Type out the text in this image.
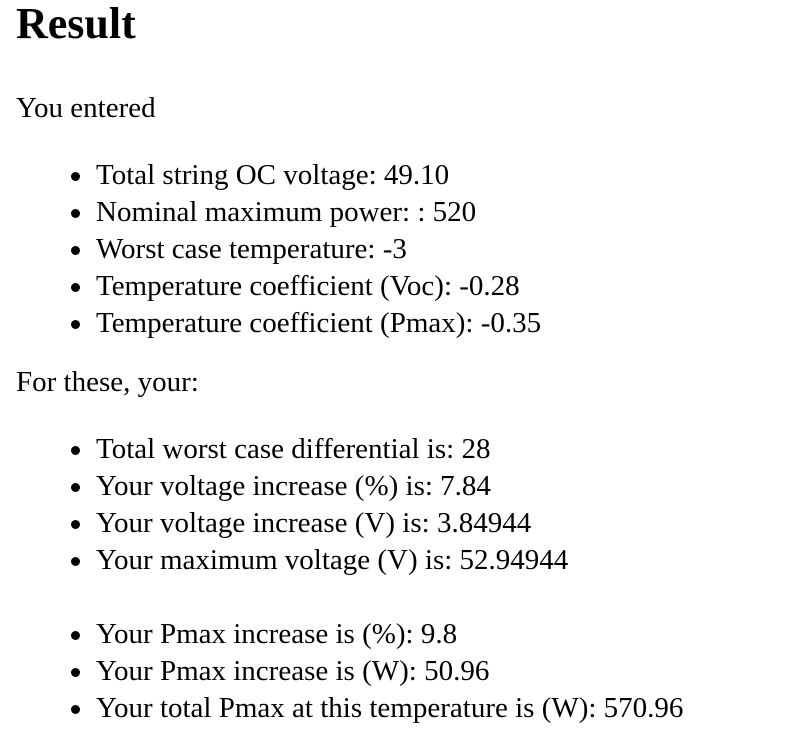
Result

You entered

Total string OC voltage: 49.10
Nominal maximum power: : 520
Worst case temperature: -3
Temperature coefficient (Voc): -0.28
Temperature coefficient (Pmax): -0.35

For these, your:

Total worst case differential is: 28
Your voltage increase (%) is: 7.84
Your voltage increase (V) is: 3.84944
Your maximum voltage (V) is: 52.94944
Your Pmax increase is (%): 9.8
Your Pmax increase is (W): 50.96
Your total Pmax at this temperature is (W): 570.96
